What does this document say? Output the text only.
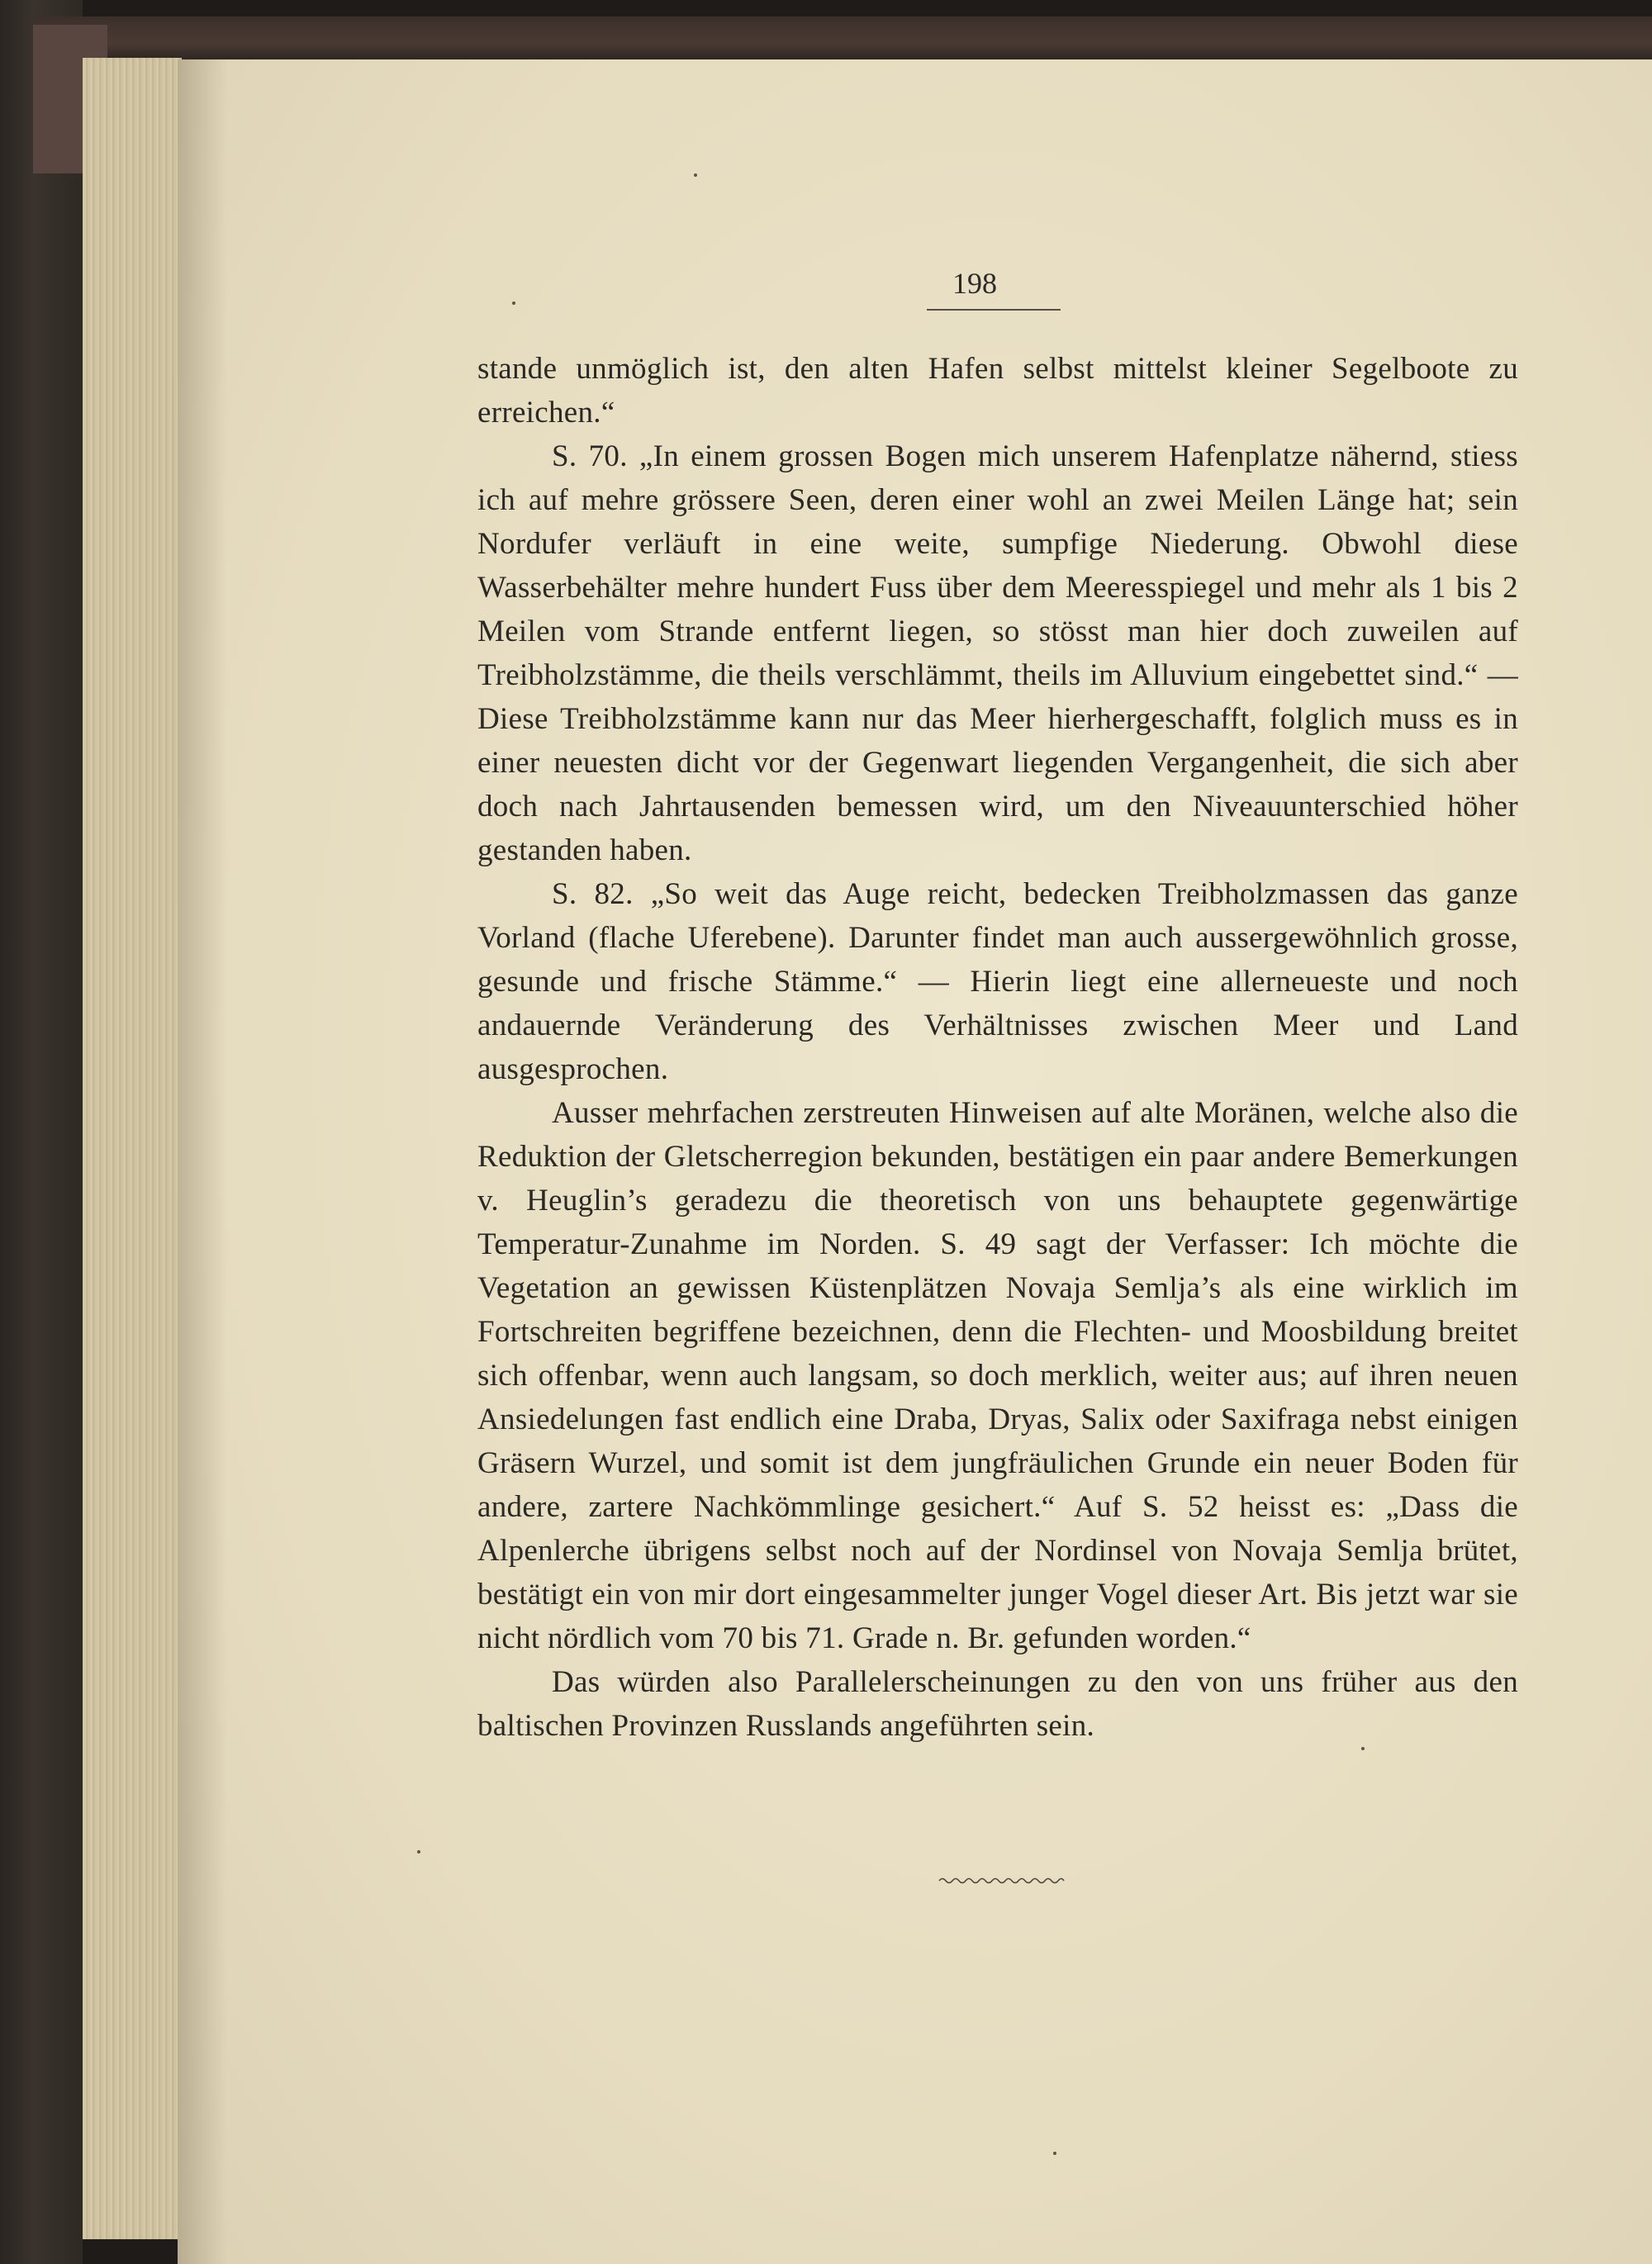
198

stande unmöglich ist, den alten Hafen selbst mittelst kleiner Segelboote zu erreichen.“

S. 70. „In einem grossen Bogen mich unserem Hafenplatze nähernd, stiess ich auf mehre grössere Seen, deren einer wohl an zwei Meilen Länge hat; sein Nordufer verläuft in eine weite, sumpfige Niederung. Obwohl diese Wasserbehälter mehre hundert Fuss über dem Meeresspiegel und mehr als 1 bis 2 Meilen vom Strande entfernt liegen, so stösst man hier doch zuweilen auf Treibholzstämme, die theils verschlämmt, theils im Alluvium eingebettet sind.“ — Diese Treibholzstämme kann nur das Meer hierhergeschafft, folglich muss es in einer neuesten dicht vor der Gegenwart liegenden Vergangenheit, die sich aber doch nach Jahrtausenden bemessen wird, um den Niveauunterschied höher gestanden haben.

S. 82. „So weit das Auge reicht, bedecken Treibholzmassen das ganze Vorland (flache Uferebene). Darunter findet man auch aussergewöhnlich grosse, gesunde und frische Stämme.“ — Hierin liegt eine allerneueste und noch andauernde Veränderung des Verhältnisses zwischen Meer und Land ausgesprochen.

Ausser mehrfachen zerstreuten Hinweisen auf alte Moränen, welche also die Reduktion der Gletscherregion bekunden, bestätigen ein paar andere Bemerkungen v. Heuglin’s geradezu die theoretisch von uns behauptete gegenwärtige Temperatur-Zunahme im Norden. S. 49 sagt der Verfasser: Ich möchte die Vegetation an gewissen Küstenplätzen Novaja Semlja’s als eine wirklich im Fortschreiten begriffene bezeichnen, denn die Flechten- und Moosbildung breitet sich offenbar, wenn auch langsam, so doch merklich, weiter aus; auf ihren neuen Ansiedelungen fast endlich eine Draba, Dryas, Salix oder Saxifraga nebst einigen Gräsern Wurzel, und somit ist dem jungfräulichen Grunde ein neuer Boden für andere, zartere Nachkömmlinge gesichert.“ Auf S. 52 heisst es: „Dass die Alpenlerche übrigens selbst noch auf der Nordinsel von Novaja Semlja brütet, bestätigt ein von mir dort eingesammelter junger Vogel dieser Art. Bis jetzt war sie nicht nördlich vom 70 bis 71. Grade n. Br. gefunden worden.“

Das würden also Parallelerscheinungen zu den von uns früher aus den baltischen Provinzen Russlands angeführten sein.
